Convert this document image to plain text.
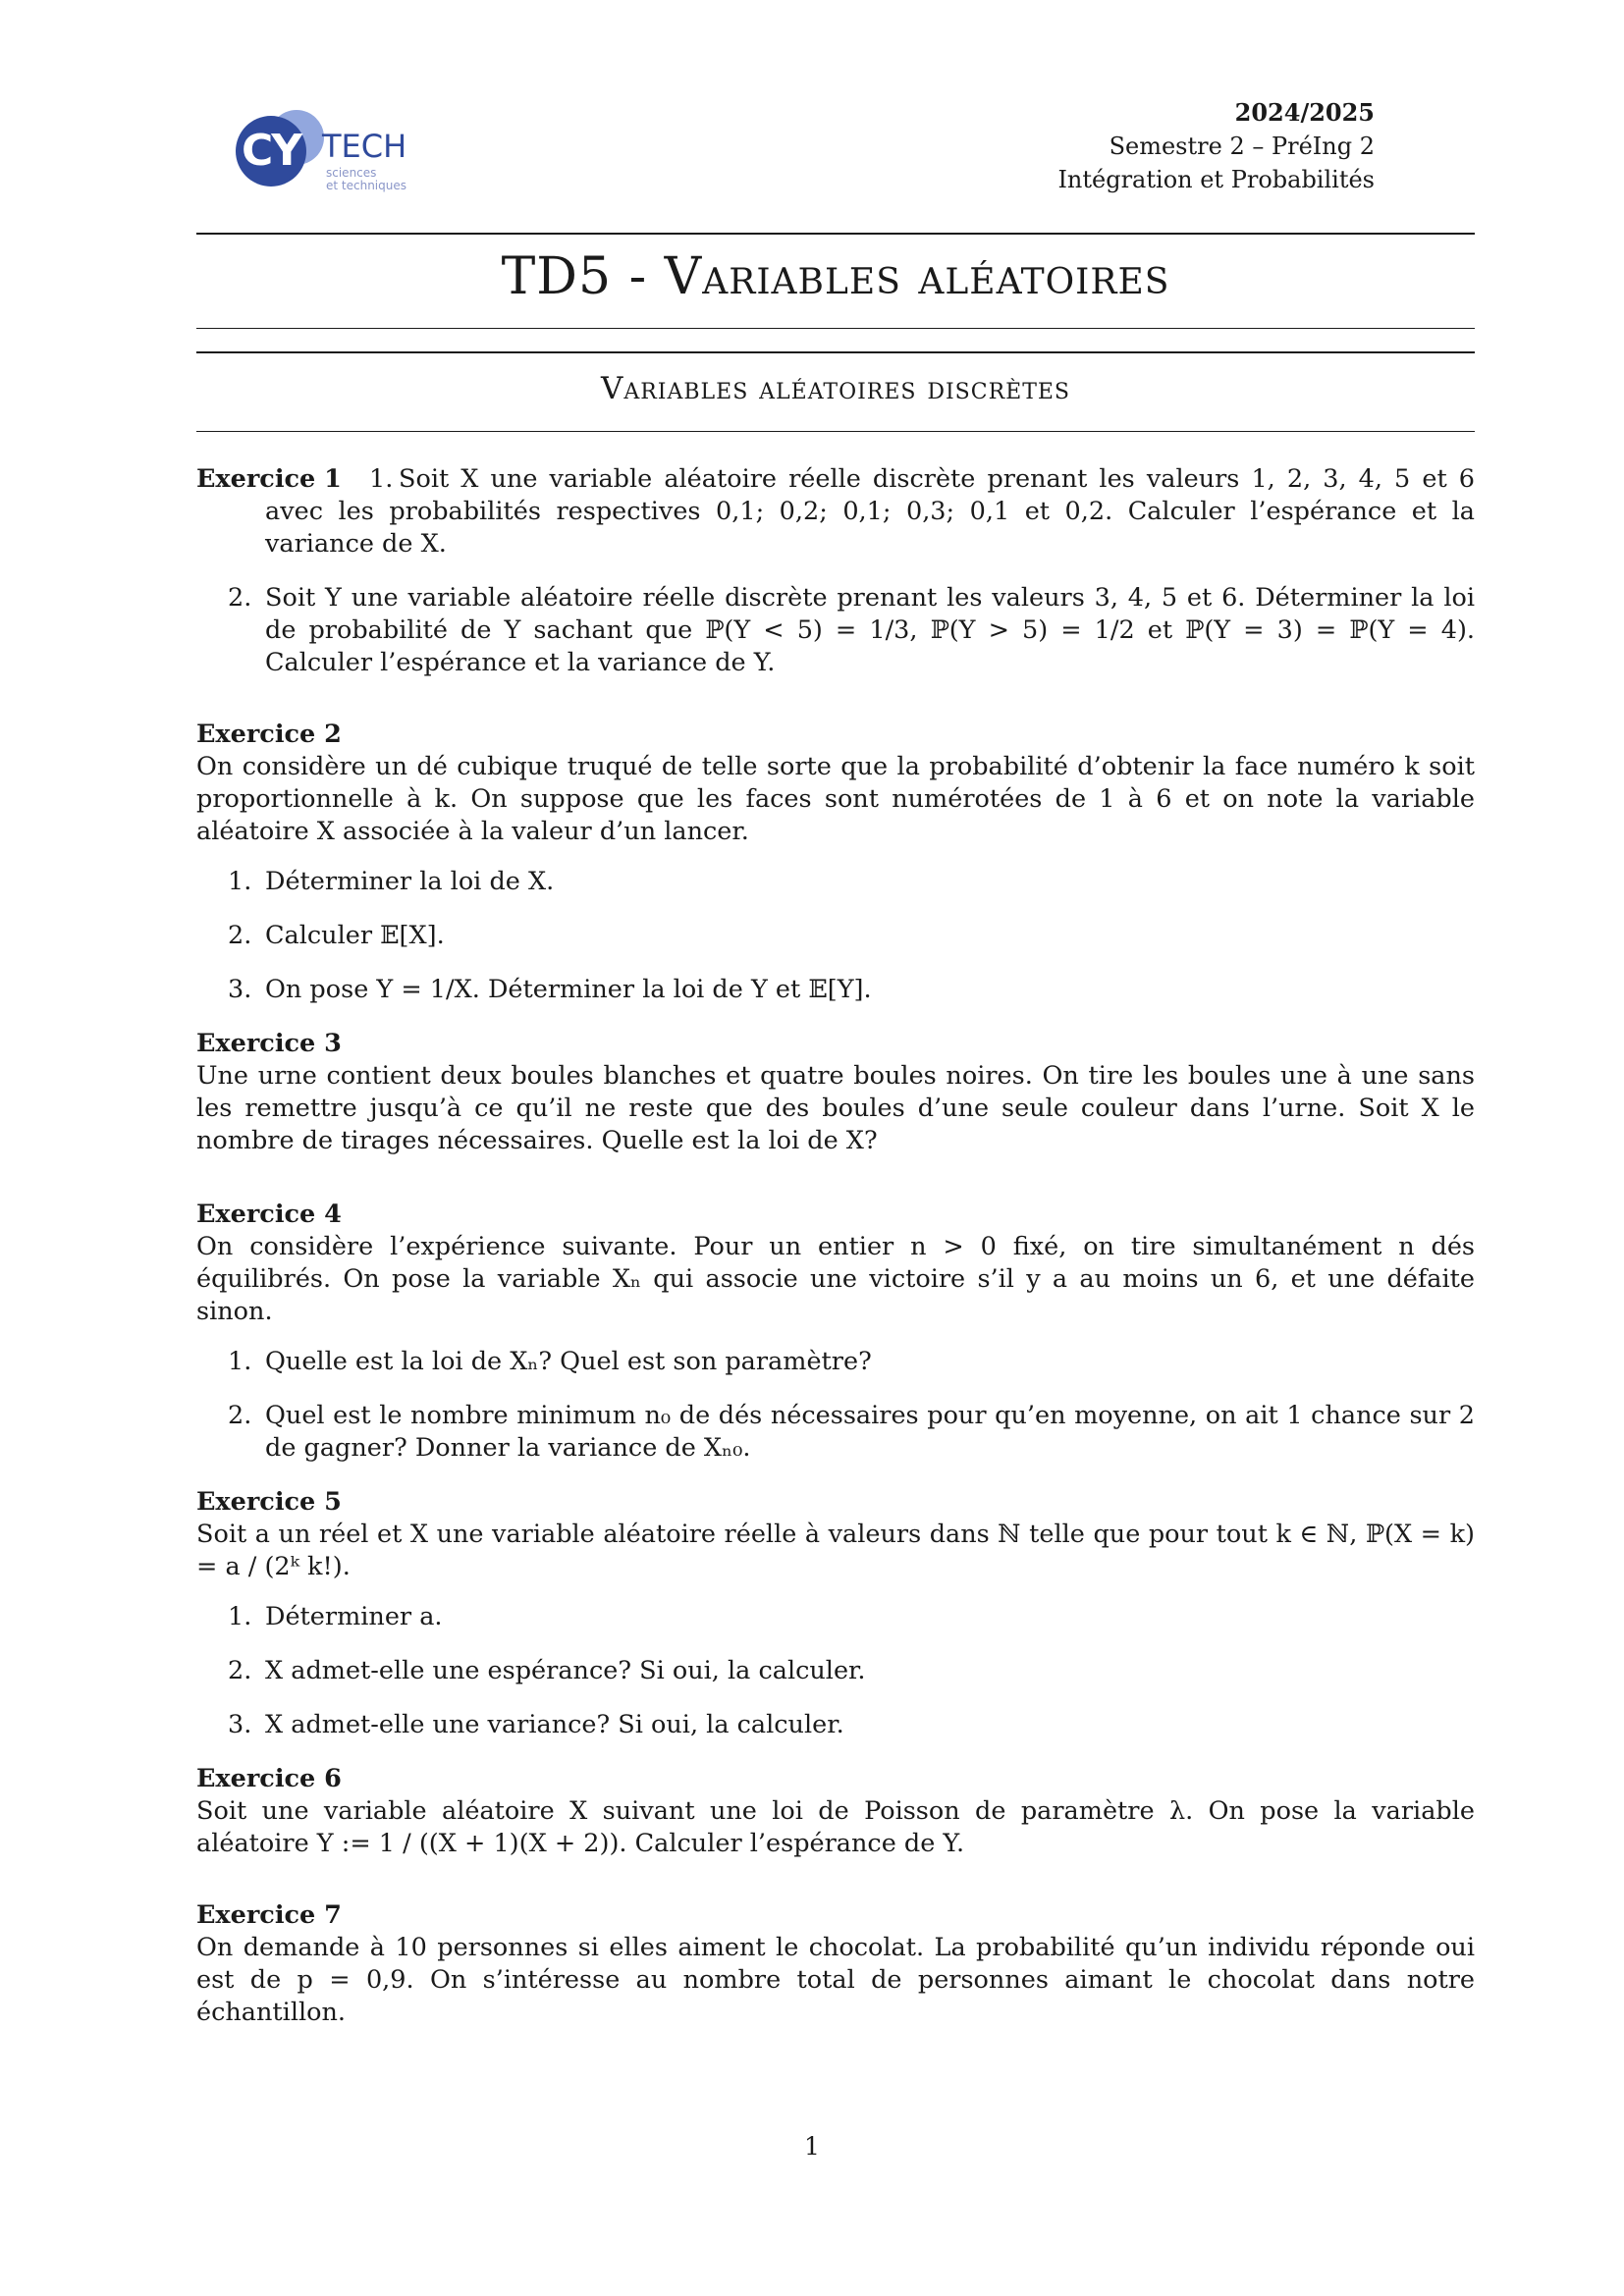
CY TECH
sciences
et techniques
2024/2025
Semestre 2 – PréIng 2
Intégration et Probabilités
TD5 - Variables aléatoires
Variables aléatoires discrètes
Exercice 1	1. Soit X une variable aléatoire réelle discrète prenant les valeurs 1, 2, 3, 4, 5 et 6 avec les probabilités respectives 0,1; 0,2; 0,1; 0,3; 0,1 et 0,2. Calculer l’espérance et la variance de X.
2. Soit Y une variable aléatoire réelle discrète prenant les valeurs 3, 4, 5 et 6. Déterminer la loi de probabilité de Y sachant que ℙ(Y < 5) = 1/3, ℙ(Y > 5) = 1/2 et ℙ(Y = 3) = ℙ(Y = 4). Calculer l’espérance et la variance de Y.
Exercice 2

On considère un dé cubique truqué de telle sorte que la probabilité d’obtenir la face numéro k soit proportionnelle à k. On suppose que les faces sont numérotées de 1 à 6 et on note la variable aléatoire X associée à la valeur d’un lancer.

1. Déterminer la loi de X.
2. Calculer 𝔼[X].
3. On pose Y = 1/X. Déterminer la loi de Y et 𝔼[Y].
Exercice 3

Une urne contient deux boules blanches et quatre boules noires. On tire les boules une à une sans les remettre jusqu’à ce qu’il ne reste que des boules d’une seule couleur dans l’urne. Soit X le nombre de tirages nécessaires. Quelle est la loi de X?

Exercice 4

On considère l’expérience suivante. Pour un entier n > 0 fixé, on tire simultanément n dés équilibrés. On pose la variable Xₙ qui associe une victoire s’il y a au moins un 6, et une défaite sinon.

1. Quelle est la loi de Xₙ? Quel est son paramètre?
2. Quel est le nombre minimum n₀ de dés nécessaires pour qu’en moyenne, on ait 1 chance sur 2 de gagner? Donner la variance de Xₙ₀.
Exercice 5

Soit a un réel et X une variable aléatoire réelle à valeurs dans ℕ telle que pour tout k ∈ ℕ, ℙ(X = k) = a / (2ᵏ k!).

1. Déterminer a.
2. X admet-elle une espérance? Si oui, la calculer.
3. X admet-elle une variance? Si oui, la calculer.
Exercice 6

Soit une variable aléatoire X suivant une loi de Poisson de paramètre λ. On pose la variable aléatoire Y := 1 / ((X + 1)(X + 2)). Calculer l’espérance de Y.

Exercice 7

On demande à 10 personnes si elles aiment le chocolat. La probabilité qu’un individu réponde oui est de p = 0,9. On s’intéresse au nombre total de personnes aimant le chocolat dans notre échantillon.

1
